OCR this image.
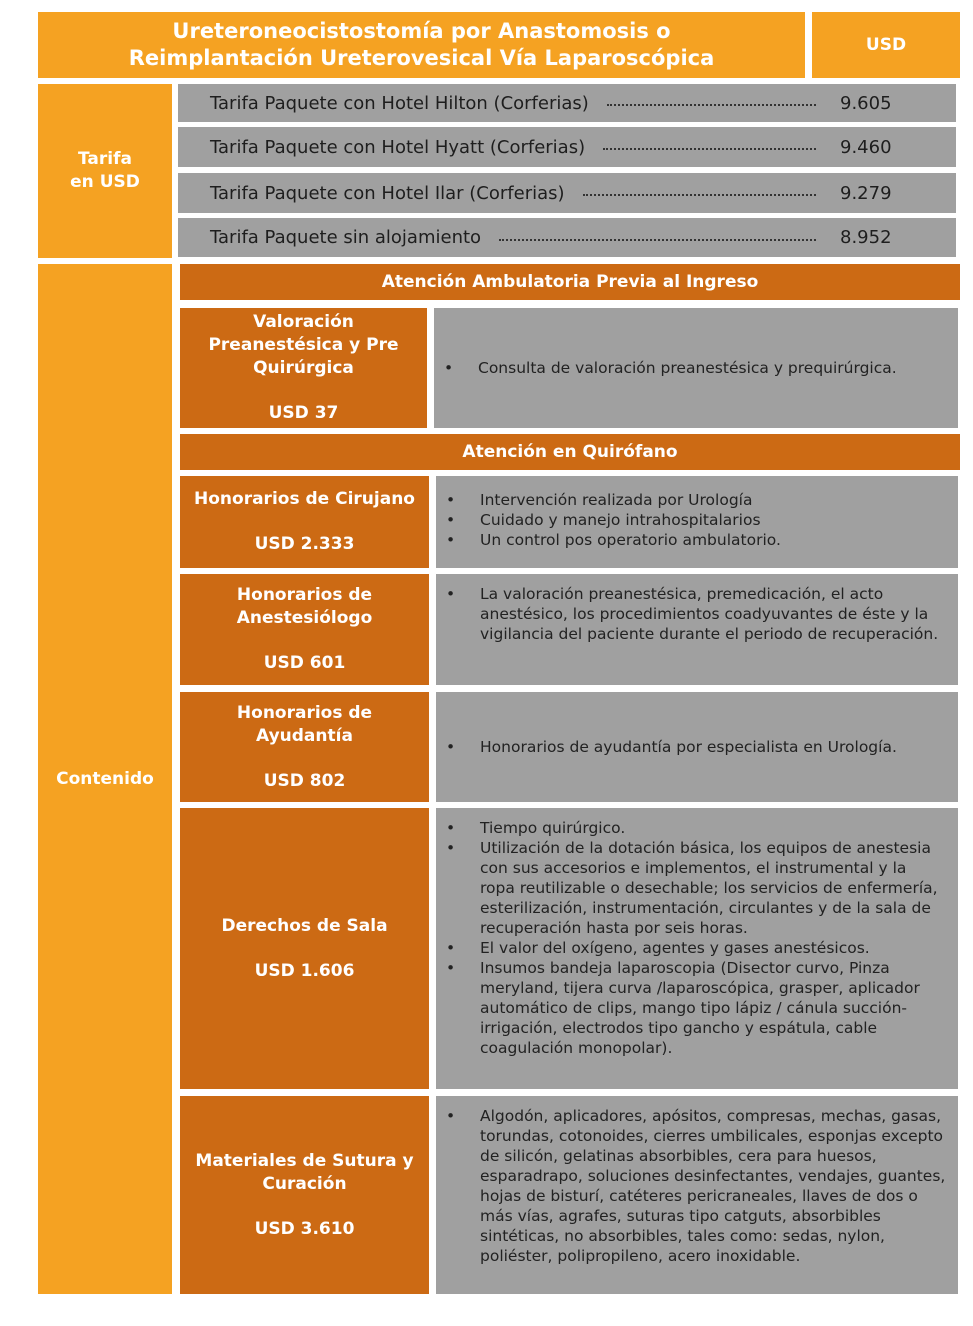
Ureteroneocistostomía por Anastomosis o
Reimplantación Ureterovesical Vía Laparoscópica
USD
Tarifa
en USD
Tarifa Paquete con Hotel Hilton (Corferias)	9.605
Tarifa Paquete con Hotel Hyatt (Corferias)	9.460
Tarifa Paquete con Hotel Ilar (Corferias)	9.279
Tarifa Paquete sin alojamiento	8.952
Contenido
Atención Ambulatoria Previa al Ingreso
Valoración
Preanestésica y Pre
Quirúrgica
USD 37
• Consulta de valoración preanestésica y prequirúrgica.
Atención en Quirófano
Honorarios de Cirujano
USD 2.333
• Intervención realizada por Urología
• Cuidado y manejo intrahospitalarios
• Un control pos operatorio ambulatorio.
Honorarios de
Anestesiólogo
USD 601
• La valoración preanestésica, premedicación, el acto anestésico, los procedimientos coadyuvantes de éste y la vigilancia del paciente durante el periodo de recuperación.
Honorarios de
Ayudantía
USD 802
• Honorarios de ayudantía por especialista en Urología.
Derechos de Sala
USD 1.606
• Tiempo quirúrgico.
• Utilización de la dotación básica, los equipos de anestesia con sus accesorios e implementos, el instrumental y la ropa reutilizable o desechable; los servicios de enfermería, esterilización, instrumentación, circulantes y de la sala de recuperación hasta por seis horas.
• El valor del oxígeno, agentes y gases anestésicos.
• Insumos bandeja laparoscopia (Disector curvo, Pinza meryland, tijera curva /laparoscópica, grasper, aplicador automático de clips, mango tipo lápiz / cánula succión-irrigación, electrodos tipo gancho y espátula, cable coagulación monopolar).
Materiales de Sutura y
Curación
USD 3.610
• Algodón, aplicadores, apósitos, compresas, mechas, gasas, torundas, cotonoides, cierres umbilicales, esponjas excepto de silicón, gelatinas absorbibles, cera para huesos, esparadrapo, soluciones desinfectantes, vendajes, guantes, hojas de bisturí, catéteres pericraneales, llaves de dos o más vías, agrafes, suturas tipo catguts, absorbibles sintéticas, no absorbibles, tales como: sedas, nylon, poliéster, polipropileno, acero inoxidable.
